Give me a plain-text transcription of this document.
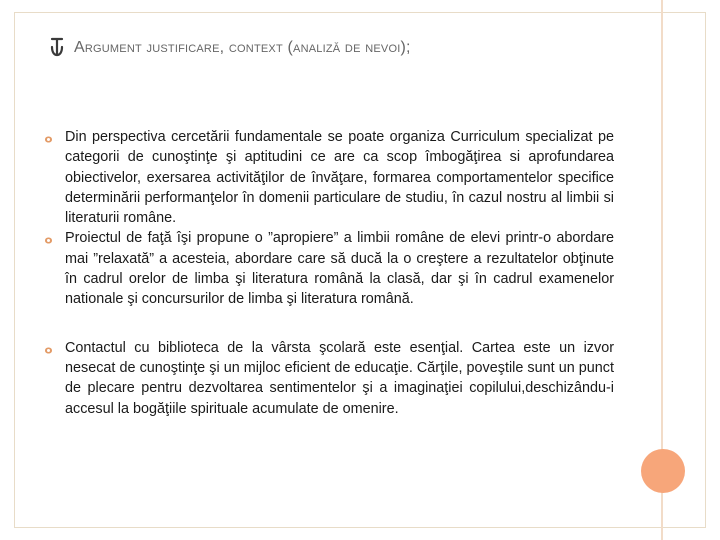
Argument justificare, context (analiză de nevoi);
Din perspectiva cercetării fundamentale se poate organiza Curriculum specializat pe categorii de cunoştinţe şi aptitudini ce are ca scop îmbogăţirea si aprofundarea obiectivelor, exersarea activităţilor de învăţare, formarea comportamentelor specifice determinării performanţelor în domenii particulare de studiu, în cazul nostru al limbii si literaturii române.
Proiectul de faţă îşi propune o ”apropiere” a limbii române de elevi printr-o abordare mai ”relaxată” a acesteia, abordare care să ducă la o creştere a rezultatelor obţinute în cadrul orelor de limba şi literatura română la clasă, dar şi în cadrul examenelor nationale şi concursurilor de limba şi literatura română.
Contactul cu biblioteca de la vârsta şcolară este esenţial. Cartea este un izvor nesecat de cunoştinţe şi un mijloc eficient de educaţie. Cărţile, poveştile sunt un punct de plecare pentru dezvoltarea sentimentelor şi a imaginaţiei copilului,deschizându-i accesul la bogăţiile spirituale acumulate de omenire.
